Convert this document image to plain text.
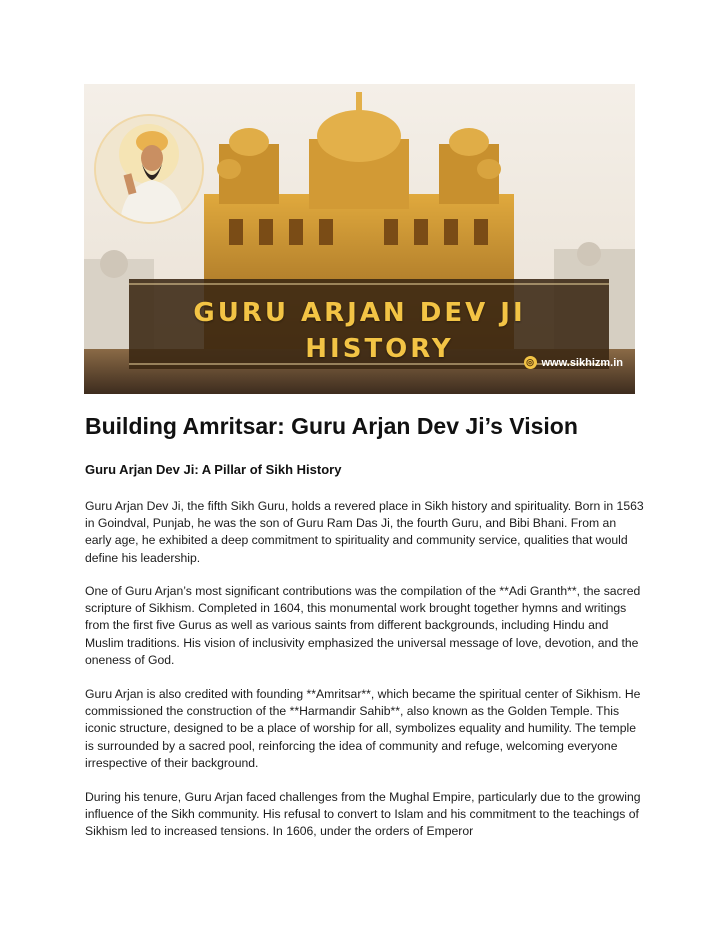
GURU ARJAN DEV JI
HISTORY	◎ www.sikhizm.in
Building Amritsar: Guru Arjan Dev Ji’s Vision
Guru Arjan Dev Ji: A Pillar of Sikh History

Guru Arjan Dev Ji, the fifth Sikh Guru, holds a revered place in Sikh history and spirituality. Born in 1563 in Goindval, Punjab, he was the son of Guru Ram Das Ji, the fourth Guru, and Bibi Bhani. From an early age, he exhibited a deep commitment to spirituality and community service, qualities that would define his leadership.

One of Guru Arjan’s most significant contributions was the compilation of the **Adi Granth**, the sacred scripture of Sikhism. Completed in 1604, this monumental work brought together hymns and writings from the first five Gurus as well as various saints from different backgrounds, including Hindu and Muslim traditions. His vision of inclusivity emphasized the universal message of love, devotion, and the oneness of God.

Guru Arjan is also credited with founding **Amritsar**, which became the spiritual center of Sikhism. He commissioned the construction of the **Harmandir Sahib**, also known as the Golden Temple. This iconic structure, designed to be a place of worship for all, symbolizes equality and humility. The temple is surrounded by a sacred pool, reinforcing the idea of community and refuge, welcoming everyone irrespective of their background.

During his tenure, Guru Arjan faced challenges from the Mughal Empire, particularly due to the growing influence of the Sikh community. His refusal to convert to Islam and his commitment to the teachings of Sikhism led to increased tensions. In 1606, under the orders of Emperor
